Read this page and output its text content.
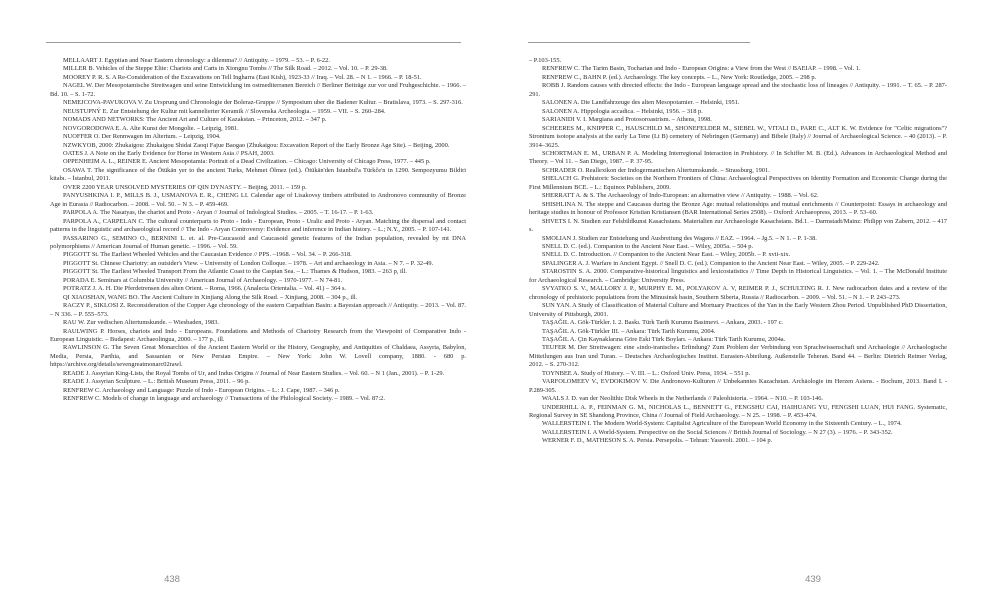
MELLAART J. Egyptian and Near Eastern chronology: a dilemma? // Antiquity. – 1979. – 53. – P. 6-22.

MILLER B. Vehicles of the Steppe Elite: Chariots and Carts in Xiongnu Tombs // The Silk Road. – 2012. – Vol. 10. – P. 29-38.

MOOREY P. R. S. A Re-Consideration of the Excavations on Tell Ingharra (East Kish), 1923-33 // Iraq. – Vol. 28. – N 1. – 1966. – P. 18-51.

NAGEL W. Der Mesopotamische Streitwagen und seine Entwicklung im ostmediterranen Bereich // Berliner Beiträge zur vor und Fruhgeschichte. – 1966. – Bd. 10. – S. 1-72.

NEMEJCOVA-PAVUKOVA V. Zu Ursprung und Chronologie der Boleraz-Gruppe // Symposium uber die Badener Kultur. – Bratislava, 1973. – S. 297-316.

NEUSTUPNÝ E. Zur Entstehung der Kultur mit kannelierter Keramik // Slovenska Archeologia. – 1959. – VII. – S. 260–284.

NOMADS AND NETWORKS: The Ancient Art and Culture of Kazakstan. – Princeton, 2012. – 347 p.

NOVGORODOWA E. A. Alte Kunst der Mongolie. – Leipzig, 1981.

NUOFFER O. Der Rennwagen im Altertum. – Leipzig, 1904.

NZWKYOB, 2000: Zhukaigou: Zhukaigou Shidai Zaoqi Fajue Baogao (Zhukaigou: Excavation Report of the Early Bronze Age Site). – Beijing, 2000.

OATES J. A Note on the Early Evidence for Horse in Western Asia // PSAH, 2003.

OPPENHEIM A. L., REINER E. Ancient Mesopotamia: Portrait of a Dead Civilization. – Chicago: University of Chicago Press, 1977. – 445 p.

OSAWA T. The significance of the Ötükän yer to the ancient Turks, Mehmet Ölmez (ed.). Ötükän'den İstanbul'a Türkče'n in 1290. Sempozyumu Bildiri kitabı. – İstanbul, 2011.

OVER 2200 YEAR UNSOLVED MYSTERIES OF QIN DYNASTY. – Beijing, 2011. – 159 p.

PANYUSHKINA I. P., MILLS B. J., USMANOVA E. R., CHENG LI. Calendar age of Lisakovsy timbers attributed to Andronovo community of Bronze Age in Eurasia // Radiocarbon. – 2008. – Vol. 50. – N 3. – P. 459-469.

PARPOLA A. The Nasatyas, the chariot and Proto - Aryan // Journal of Indological Studies. – 2005. – T. 16-17. – P. 1-63.

PARPOLA A., CARPELAN C. The cultural counterparts to Proto - Indo - European, Proto - Uralic and Proto - Aryan. Matching the dispersal and contact patterns in the linguistic and archaeological record // The Indo - Aryan Controversy: Evidence and inference in Indian history. – L.; N.Y., 2005. – P. 107-141.

PASSARINO G., SEMINO O., BERNINI L. et. al. Pre-Caucasoid and Caucasoid genetic features of the Indian population, revealed by mt DNA polymorphisms // American Journal of Human genetic. – 1996. – Vol. 59.

PIGGOTT St. The Earliest Wheeled Vehicles and the Caucasian Evidence // PPS. –1968. – Vol. 34. – P. 266-318.

PIGGOTT St. Chinese Chariotry: an outsider's View. – University of London Colloque. – 1978. – Art and archaeology in Asia. – N 7. – P. 32-49.

PIGGOTT St. The Earliest Wheeled Transport From the Atlantic Coast to the Caspian Sea. – L.: Thames & Hudson, 1983. – 263 p, ill.

PORADA E. Seminars at Columbia University // American Journal of Archaeology. – 1970-1977. – N 74-81.

POTRATZ J. A. H. Die Pferdetrensen des alten Orient. – Roma, 1966. (Analecta Orientalia. – Vol. 41) – 364 s.

QI XIAOSHAN, WANG BO. The Ancient Culture in Xinjiang Along the Silk Road. – Xinjiang, 2008. – 304 p., ill.

RACZY P., SIKLOSI Z. Reconsideration of the Copper Age chronology of the eastern Carpathian Basin: a Bayesian approach // Antiquity. – 2013. – Vol. 87. – N 336. – P. 555–573.

RAU W. Zur vedischen Altertumskunde. – Wiesbaden, 1983.

RAULWING P. Horses, chariots and Indo - Europeans. Foundations and Methods of Chariotry Research from the Viewpoint of Comparative Indo - European Linguistic. – Budapest: Archaeolingua, 2000. – 177 p., ill.

RAWLINSON G. The Seven Great Monarchies of the Ancient Eastern World or the History, Geography, and Antiquities of Chaldaea, Assyria, Babylon, Media, Persia, Parthia, and Sassanian or New Persian Empire. – New York: John W. Lovell company, 1880. - 680 p. https://archive.org/details/sevengreatmonarc02rawl.

READE J. Assyrian King-Lists, the Royal Tombs of Ur, and Indus Origins // Journal of Near Eastern Studies. – Vol. 60. – N 1 (Jan., 2001). – P. 1-29.

READE J. Assyrian Sculpture. – L.: British Museum Press, 2011. – 96 p.

RENFREW C. Archaeology and Language: Puzzle of Indo - European Origins. – L.: J. Cape, 1987. – 346 p.

RENFREW C. Models of change in language and archaeology // Transactions of the Philological Society. – 1989. – Vol. 87:2.

438

– P.103-155.

RENFREW C. The Tarim Basin, Tocharian and Indo - European Origins: a View from the West // BAEIAP. – 1998. – Vol. 1.

RENFREW C., BAHN P. (ed.). Archaeology. The key concepts. – L., New York: Routledge, 2005. – 298 p.

ROBB J. Random causes with directed effects: the Indo - European language spread and the stochastic loss of lineages // Antiquity. – 1991. – T. 65. – P. 287-291.

SALONEN A. Die Landfahrzeuge des alten Mesopotamier. – Helsinki, 1951.

SALONEN A. Hippologia accadica. – Helsinki, 1956. – 318 p.

SARIANIDI V. I. Margiana and Protosoroastrism. – Athens, 1998.

SCHEERES M., KNIPPER C., HAUSCHILD M., SHONEFELDER M., SIEBEL W., VITALI D., PARE C., ALT K. W. Evidence for "Celtic migrations"? Strontium isotope analysis at the early La Tene (Lt B) cemetery of Nebringen (Germany) and Bibele (Italy) // Journal of Archaeological Science. – 40 (2013). – P. 3914–3625.

SCHORTMAN E. M., URBAN P. A. Modeling Interregional Interaction in Prehistory. // In Schiffer M. B. (Ed.). Advances in Archaeological Method and Theory. – Vol 11. – San Diego, 1987. – P. 37-95.

SCHRADER O. Reallexikon der Indogermanischen Altertumskunde. – Strassburg, 1901.

SHELACH G. Prehistoric Societies on the Northern Frontiers of China: Archaeological Perspectives on Identity Formation and Economic Change during the First Millennium BCE. – L.: Equinox Publishers, 2009.

SHERRATT A. & S. The Archaeology of Indo-European: an alternative view // Antiquity. – 1988. – Vol. 62.

SHISHLINA N. The steppe and Caucasus during the Bronze Age: mutual relationships and mutual enrichments // Counterpoint: Essays in archaeology and heritage studies in honour of Professor Kristian Kristiansen (BAR International Series 2508). – Oxford: Archaeopress, 2013. – P. 53–60.

SHVETS I. N. Studien zur Felsbildkunst Kasachstans. Materialien zur Archaeologie Kasachstans. Bd.1. – Darmstadt/Mainz: Philipp von Zabern, 2012. – 417 s.

SMOLIAN J. Studien zur Entstehung und Ausbreitung des Wagens // EAZ. – 1964. – Jg.5. – N 1. – P. 1-38.

SNELL D. C. (ed.). Companion to the Ancient Near East. – Wiley, 2005a. – 504 p.

SNELL D. C. Introduction. // Companion to the Ancient Near East. – Wiley, 2005b. – P. xvii-xix.

SPALINGER A. J. Warfare in Ancient Egypt. // Snell D. C. (ed.). Companion to the Ancient Near East. – Wiley, 2005. – P. 229-242.

STAROSTIN S. A. 2000. Comparative-historical linguistics and lexicostatistics // Time Depth in Historical Linguistics. – Vol. 1. – The McDonald Institute for Archaeological Research. – Cambridge: University Press.

SVYATKO S. V., MALLORY J. P., MURPHY E. M., POLYAKOV A. V, REIMER P. J., SCHULTING R. J. New radiocarbon dates and a review of the chronology of prehistoric populations from the Minusinsk basin, Southern Siberia, Russia // Radiocarbon. – 2009. – Vol. 51. – N 1. – P. 243–273.

SUN YAN. A Study of Classification of Material Culture and Mortuary Practices of the Yan in the Early Western Zhou Period. Unpublished PhD Dissertation, University of Pittsburgh, 2001.

TAŞAĞIL A. Gök-Türkler. I. 2. Baskı. Türk Tarih Kurumu Basimevi. – Ankara, 2003. - 197 c.

TAŞAĞIL A. Gök-Türkler III. – Ankara: Türk Tarih Kurumu, 2004.

TAŞAĞIL A. Çin Kaynaklarına Göre Eski Türk Boyları. – Ankara: Türk Tarih Kurumu, 2004a.

TEUFER M. Der Streitwagen: eine «indo-iranische» Erfindung? Zum Problem der Verbindung von Sprachwissenschaft und Archaologie // Archaologische Mitteilungen aus Iran und Turan. – Deutsches Archaologisches Institut. Eurasien-Abteilung. Außenstelle Teheran. Band 44. – Berlin: Dietrich Reimer Verlag, 2012. – S. 270-312.

TOYNBEE A. Study of History. – V. III. – L.: Oxford Univ. Press, 1934. – 551 p.

VARFOLOMEEV V., EVDOKIMOV V. Die Andronovo-Kulturen // Unbekanntes Kazachstan. Archäologie im Herzen Asiens. - Bochum, 2013. Band I. - P.289-305.

WAALS J. D. van der Neolithic Disk Wheels in the Netherlands // Paleohistoria. – 1964. – N10. – P. 103-146.

UNDERHILL A. P., FEINMAN G. M., NICHOLAS L., BENNETT G., FENGSHU CAI, HAIHUANG YU, FENGSHI LUAN, HUI FANG. Systematic, Regional Survey in SE Shandong Province, China // Journal of Field Archaeology. – N 25. – 1998. – P. 453-474.

WALLERSTEIN I. The Modern World-System: Capitalist Agriculture of the European World Economy in the Sixteenth Century. – L., 1974.

WALLERSTEIN I. A World-System. Perspective on the Social Sciences // British Journal of Sociology. – N 27 (3). – 1976. – P. 343-352.

WERNER F. D., MATHESON S. A. Persia. Persepolis. – Tehran: Yassvoli. 2001. – 104 p.

439
